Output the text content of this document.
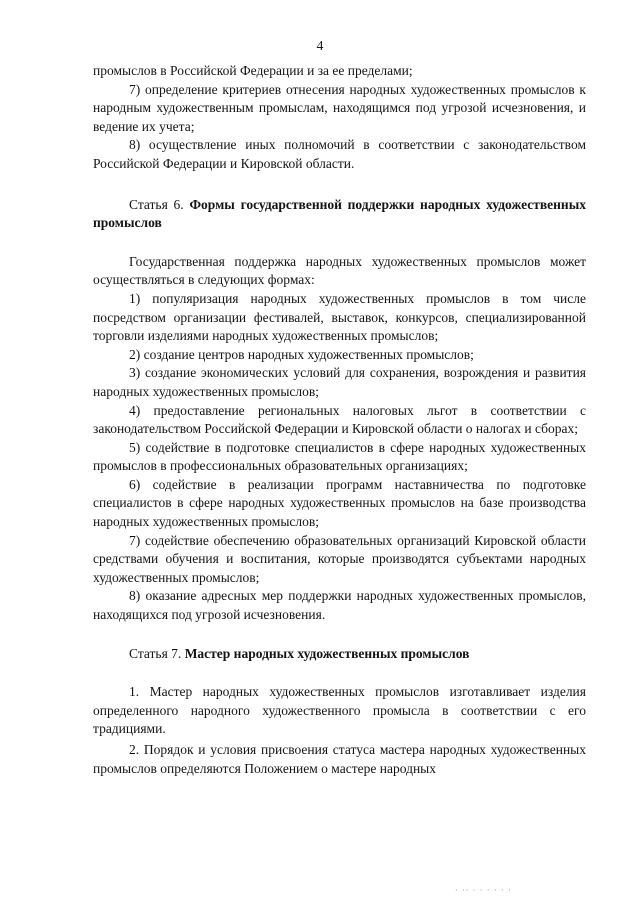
4

промыслов в Российской Федерации и за ее пределами;

7) определение критериев отнесения народных художественных промыслов к народным художественным промыслам, находящимся под угрозой исчезновения, и ведение их учета;

8) осуществление иных полномочий в соответствии с законодательством Российской Федерации и Кировской области.

Статья 6. Формы государственной поддержки народных художественных промыслов

Государственная поддержка народных художественных промыслов может осуществляться в следующих формах:

1) популяризация народных художественных промыслов в том числе посредством организации фестивалей, выставок, конкурсов, специализированной торговли изделиями народных художественных промыслов;

2) создание центров народных художественных промыслов;

3) создание экономических условий для сохранения, возрождения и развития народных художественных промыслов;

4) предоставление региональных налоговых льгот в соответствии с законодательством Российской Федерации и Кировской области о налогах и сборах;

5) содействие в подготовке специалистов в сфере народных художественных промыслов в профессиональных образовательных организациях;

6) содействие в реализации программ наставничества по подготовке специалистов в сфере народных художественных промыслов на базе производства народных художественных промыслов;

7) содействие обеспечению образовательных организаций Кировской области средствами обучения и воспитания, которые производятся субъектами народных художественных промыслов;

8) оказание адресных мер поддержки народных художественных промыслов, находящихся под угрозой исчезновения.

Статья 7. Мастер народных художественных промыслов

1. Мастер народных художественных промыслов изготавливает изделия определенного народного художественного промысла в соответствии с его традициями.

2. Порядок и условия присвоения статуса мастера народных художественных промыслов определяются Положением о мастере народных

· ·· · · · · · ·
